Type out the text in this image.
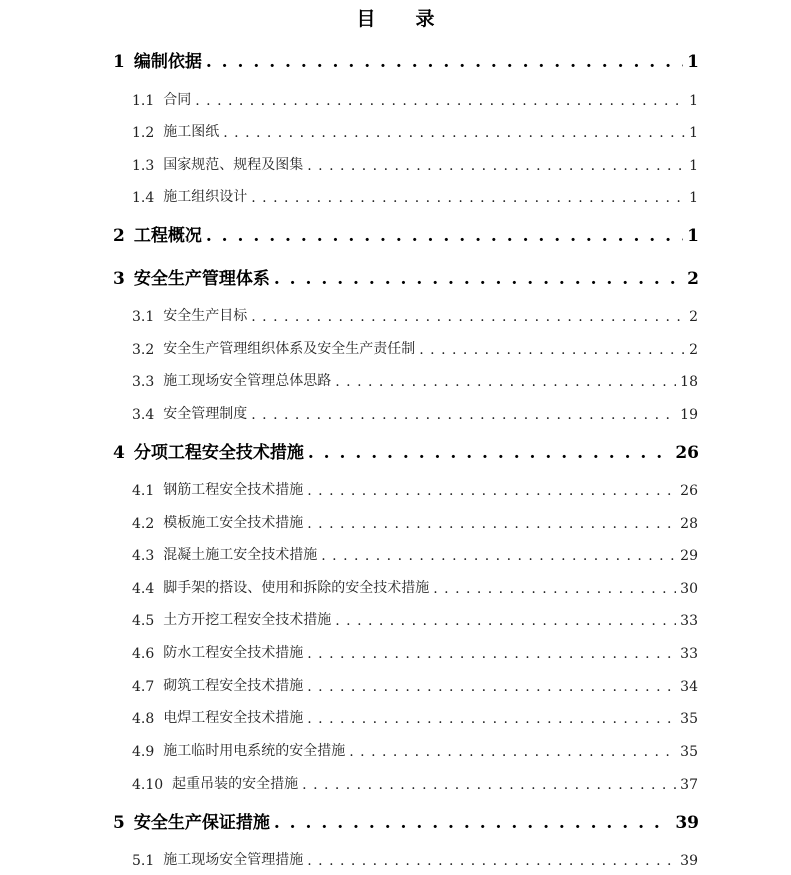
目 录
1 编制依据 . . .	1
1.1 合同 . . .	1
1.2 施工图纸 . . .	1
1.3 国家规范、规程及图集 . . .	1
1.4 施工组织设计 . . .	1
2 工程概况 . . .	1
3 安全生产管理体系 . . .	2
3.1 安全生产目标 . . .	2
3.2 安全生产管理组织体系及安全生产责任制 . . .	2
3.3 施工现场安全管理总体思路 . . .	18
3.4 安全管理制度 . . .	19
4 分项工程安全技术措施 . . .	26
4.1 钢筋工程安全技术措施 . . .	26
4.2 模板施工安全技术措施 . . .	28
4.3 混凝土施工安全技术措施 . . .	29
4.4 脚手架的搭设、使用和拆除的安全技术措施 . . .	30
4.5 土方开挖工程安全技术措施 . . .	33
4.6 防水工程安全技术措施 . . .	33
4.7 砌筑工程安全技术措施 . . .	34
4.8 电焊工程安全技术措施 . . .	35
4.9 施工临时用电系统的安全措施 . . .	35
4.10 起重吊装的安全措施 . . .	37
5 安全生产保证措施 . . .	39
5.1 施工现场安全管理措施 . . .	39
